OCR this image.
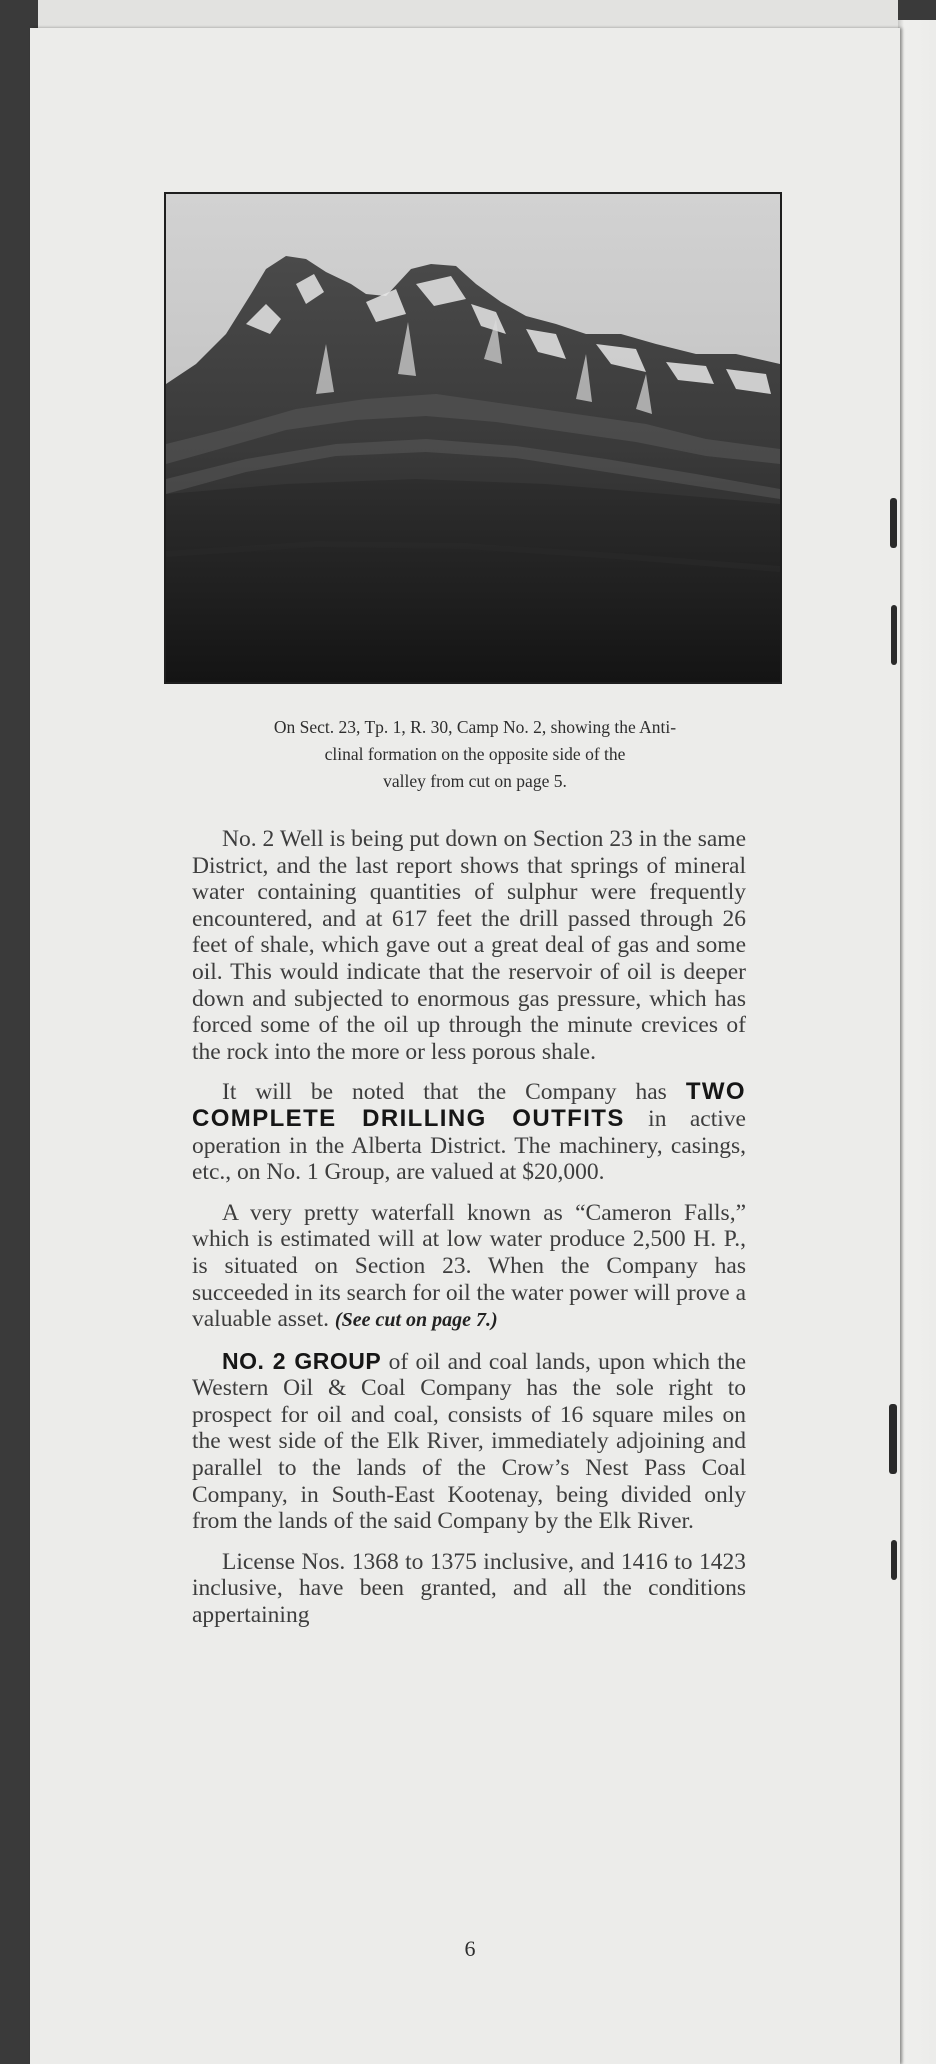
On Sect. 23, Tp. 1, R. 30, Camp No. 2, showing the Anti-
clinal formation on the opposite side of the
valley from cut on page 5.

No. 2 Well is being put down on Section 23 in the same District, and the last report shows that springs of mineral water containing quantities of sulphur were frequently encountered, and at 617 feet the drill passed through 26 feet of shale, which gave out a great deal of gas and some oil. This would indicate that the reservoir of oil is deeper down and subjected to enormous gas pressure, which has forced some of the oil up through the minute crevices of the rock into the more or less porous shale.

It will be noted that the Company has TWO COMPLETE DRILLING OUTFITS in active operation in the Alberta District. The machinery, casings, etc., on No. 1 Group, are valued at $20,000.

A very pretty waterfall known as “Cameron Falls,” which is estimated will at low water produce 2,500 H. P., is situated on Section 23. When the Company has succeeded in its search for oil the water power will prove a valuable asset. (See cut on page 7.)

NO. 2 GROUP of oil and coal lands, upon which the Western Oil & Coal Company has the sole right to prospect for oil and coal, consists of 16 square miles on the west side of the Elk River, immediately adjoining and parallel to the lands of the Crow’s Nest Pass Coal Company, in South-East Kootenay, being divided only from the lands of the said Company by the Elk River.

License Nos. 1368 to 1375 inclusive, and 1416 to 1423 inclusive, have been granted, and all the conditions appertaining

6
